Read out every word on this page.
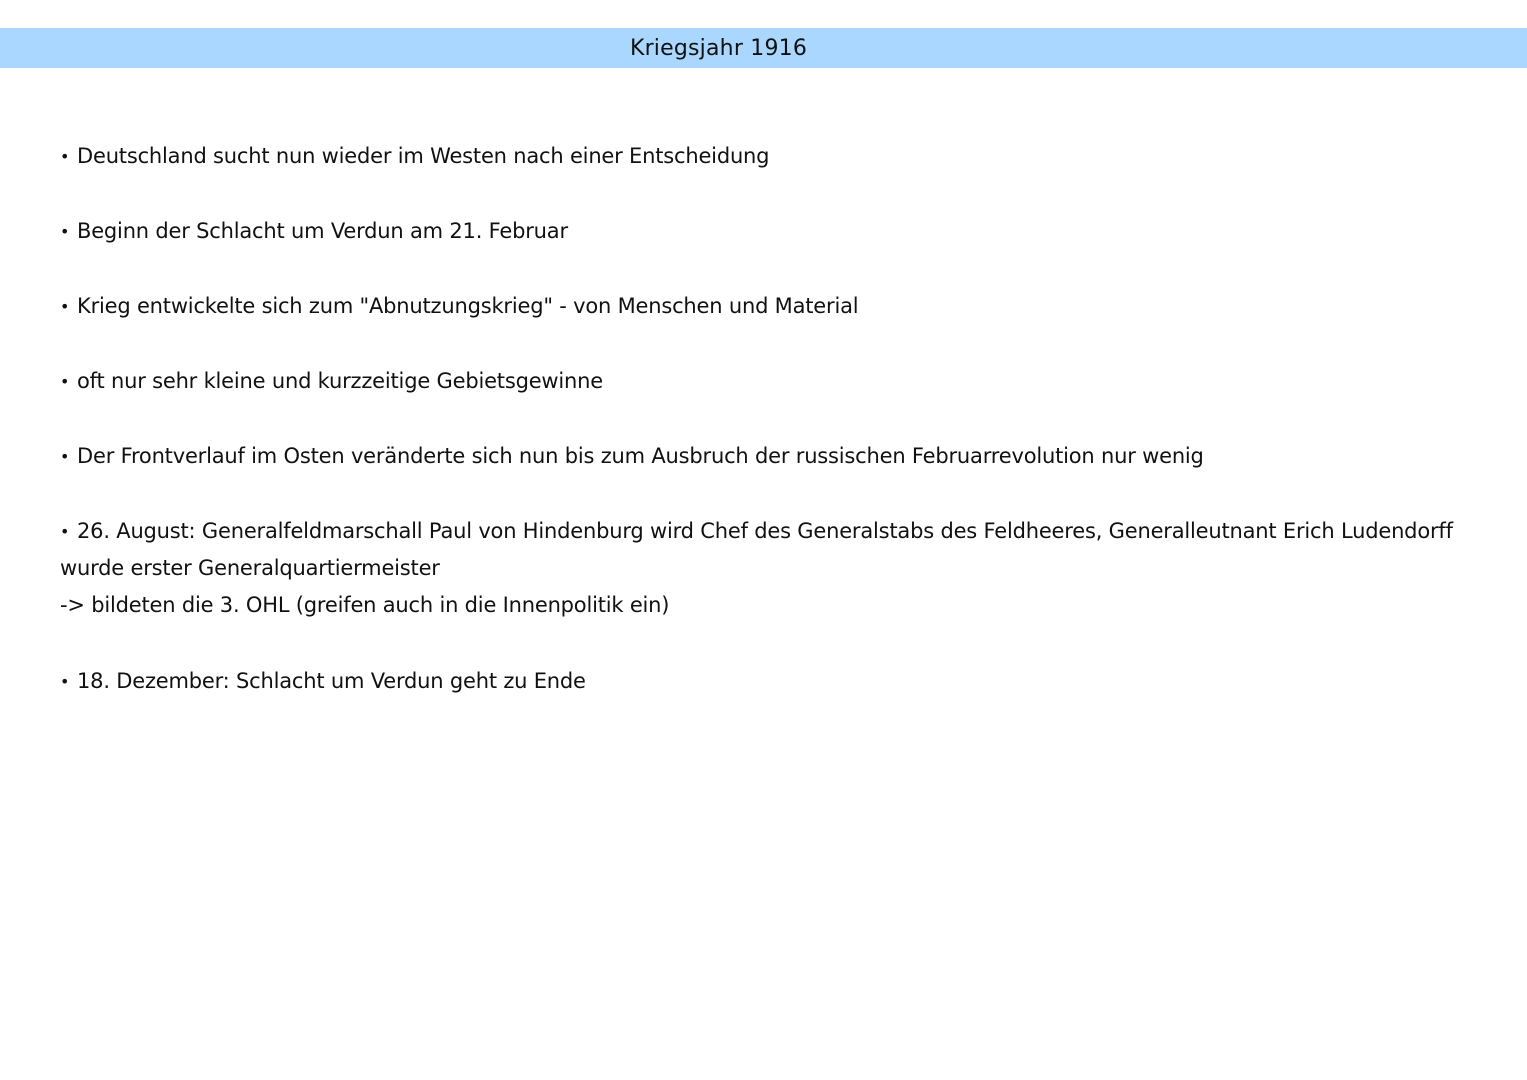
Kriegsjahr 1916
• Deutschland sucht nun wieder im Westen nach einer Entscheidung
• Beginn der Schlacht um Verdun am 21. Februar
• Krieg entwickelte sich zum "Abnutzungskrieg" - von Menschen und Material
• oft nur sehr kleine und kurzzeitige Gebietsgewinne
• Der Frontverlauf im Osten veränderte sich nun bis zum Ausbruch der russischen Februarrevolution nur wenig
• 26. August: Generalfeldmarschall Paul von Hindenburg wird Chef des Generalstabs des Feldheeres, Generalleutnant Erich Ludendorff
wurde erster Generalquartiermeister
-> bildeten die 3. OHL (greifen auch in die Innenpolitik ein)
• 18. Dezember: Schlacht um Verdun geht zu Ende
